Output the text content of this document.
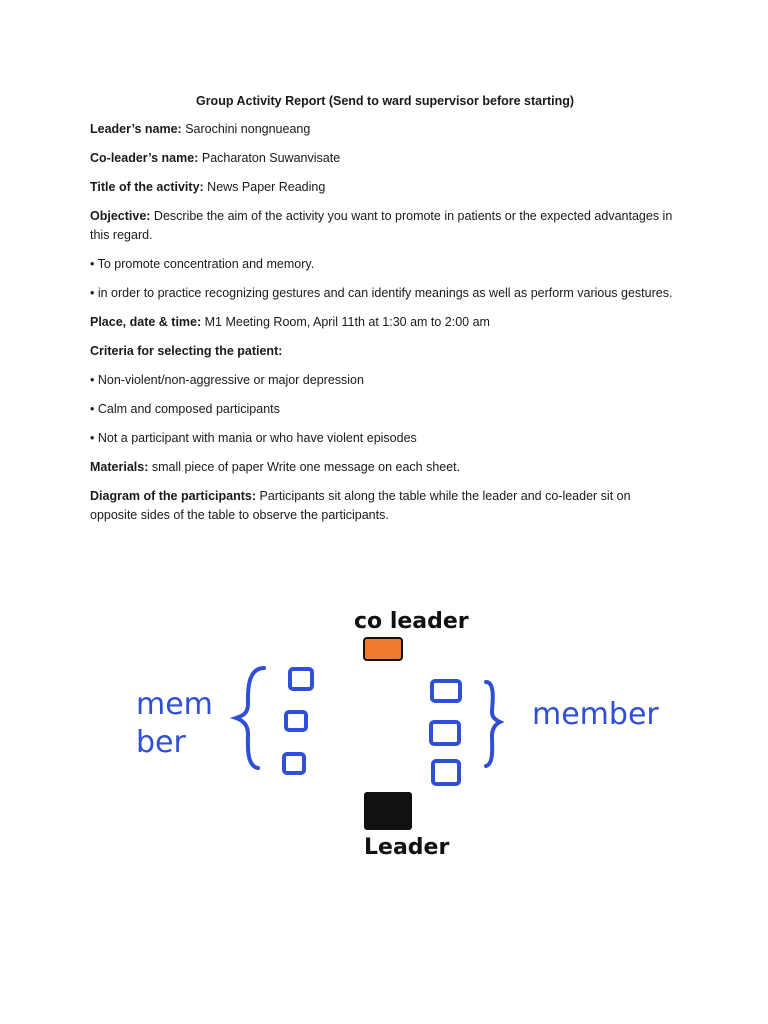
Group Activity Report (Send to ward supervisor before starting)

Leader’s name: Sarochini nongnueang

Co-leader’s name: Pacharaton Suwanvisate

Title of the activity: News Paper Reading

Objective: Describe the aim of the activity you want to promote in patients or the expected advantages in this regard.

• To promote concentration and memory.

• in order to practice recognizing gestures and can identify meanings as well as perform various gestures.

Place, date & time: M1 Meeting Room, April 11th at 1:30 am to 2:00 am

Criteria for selecting the patient:

• Non-violent/non-aggressive or major depression

• Calm and composed participants

• Not a participant with mania or who have violent episodes

Materials: small piece of paper Write one message on each sheet.

Diagram of the participants: Participants sit along the table while the leader and co-leader sit on opposite sides of the table to observe the participants.

co leader
mem
ber
member
Leader
